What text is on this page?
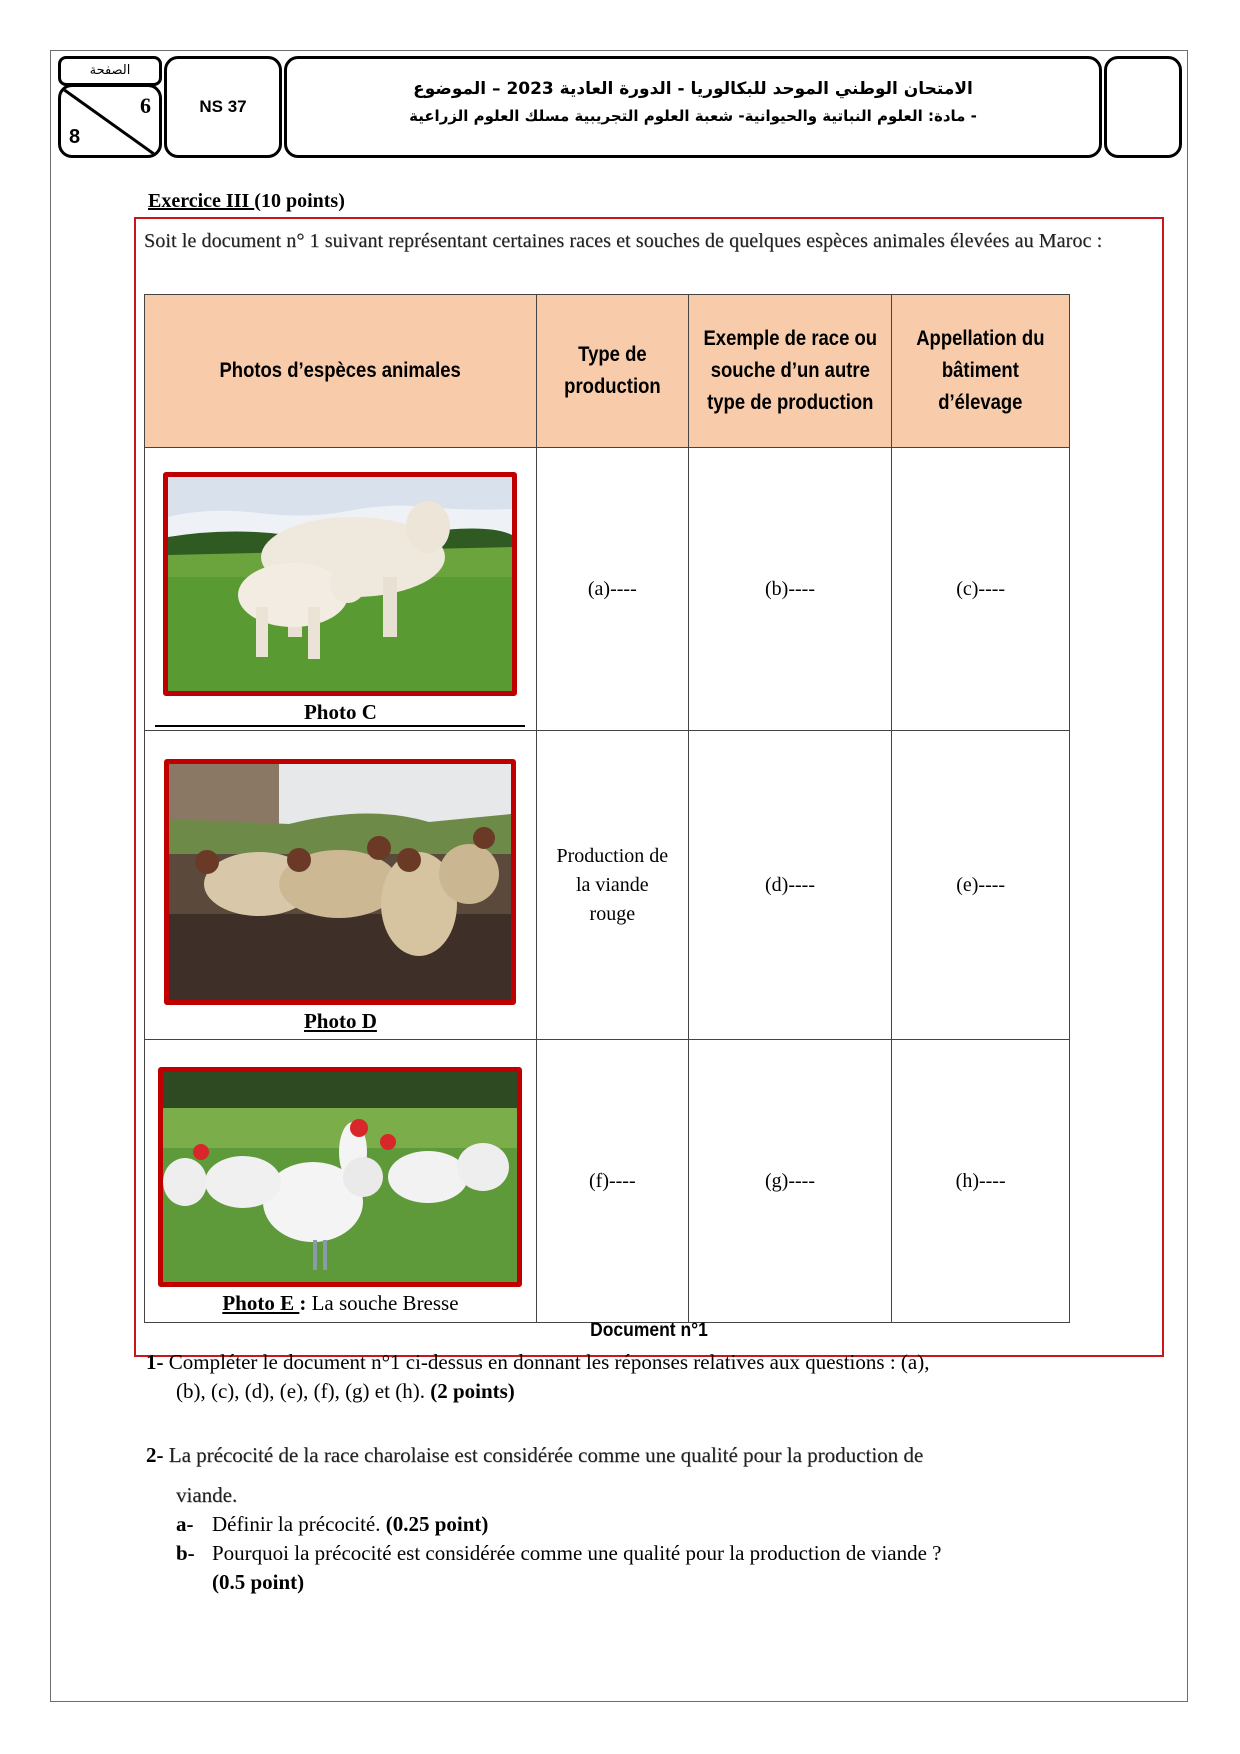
الصفحة
6
8
NS 37
الامتحان الوطني الموحد للبكالوريا - الدورة العادية 2023 – الموضوع
- مادة: العلوم النباتية والحيوانية- شعبة العلوم التجريبية مسلك العلوم الزراعية
Exercice III (10 points)
Soit le document n° 1 suivant représentant certaines races et souches de quelques espèces animales élevées au Maroc :
Photos d’espèces animales	Type de production	Exemple de race ou souche d’un autre type de production	Appellation du bâtiment d’élevage

Photo C	(a)----	(b)----	(c)----

Photo D	Production de la viande rouge	(d)----	(e)----

Photo E : La souche Bresse	(f)----	(g)----	(h)----
Document n°1
1- Compléter le document n°1 ci-dessus en donnant les réponses relatives aux questions : (a),
(b), (c), (d), (e), (f), (g) et (h). (2 points)
2- La précocité de la race charolaise est considérée comme une qualité pour la production de
viande.
a- Définir la précocité. (0.25 point)
b- Pourquoi la précocité est considérée comme une qualité pour la production de viande ?
(0.5 point)
